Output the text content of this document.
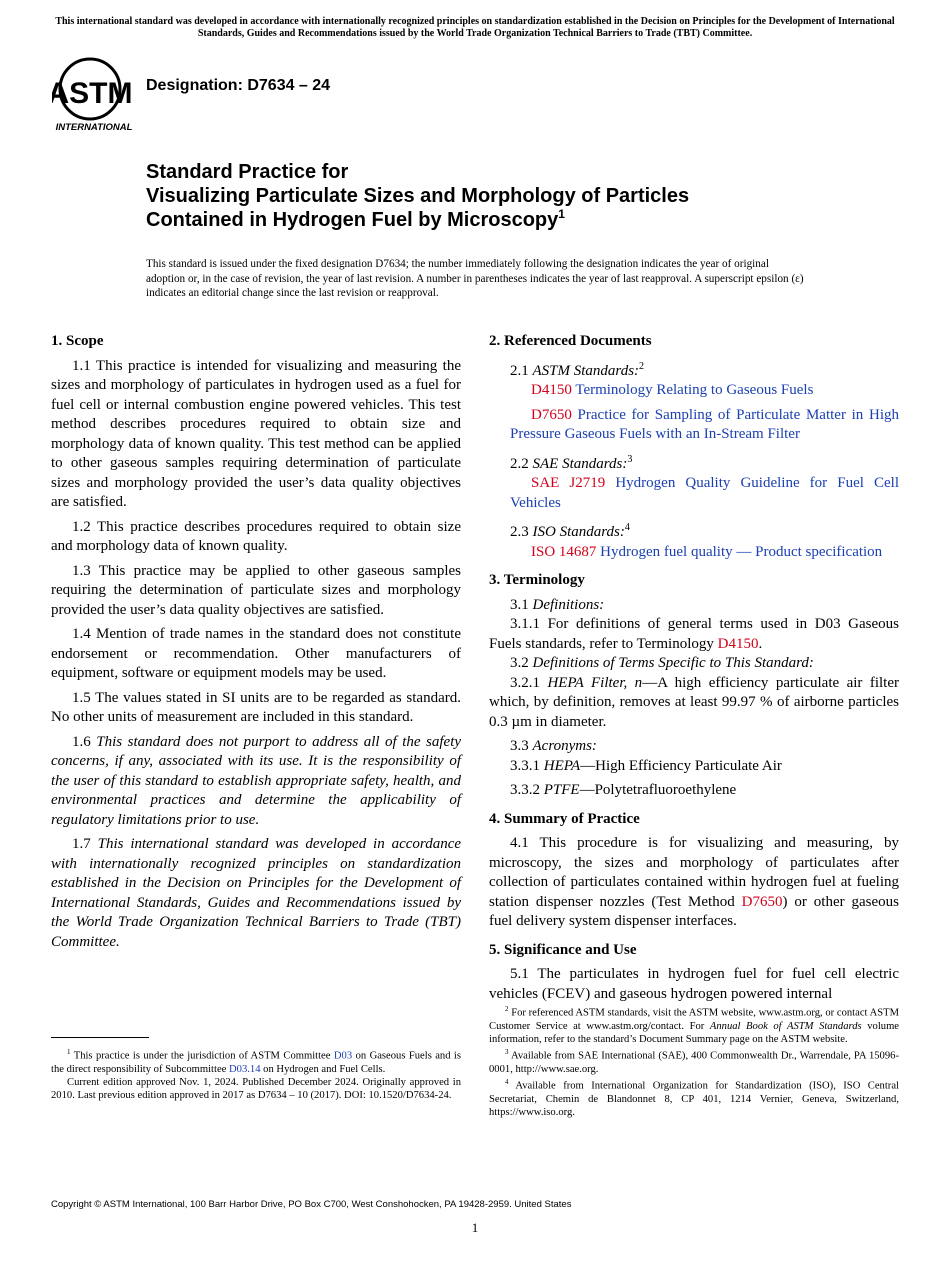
This international standard was developed in accordance with internationally recognized principles on standardization established in the Decision on Principles for the Development of International Standards, Guides and Recommendations issued by the World Trade Organization Technical Barriers to Trade (TBT) Committee.
ASTM
INTERNATIONAL
Designation: D7634 – 24
Standard Practice for
Visualizing Particulate Sizes and Morphology of Particles
Contained in Hydrogen Fuel by Microscopy$^1$
This standard is issued under the fixed designation D7634; the number immediately following the designation indicates the year of original adoption or, in the case of revision, the year of last revision. A number in parentheses indicates the year of last reapproval. A superscript epsilon (ε) indicates an editorial change since the last revision or reapproval.
1. Scope

1.1 This practice is intended for visualizing and measuring the sizes and morphology of particulates in hydrogen used as a fuel for fuel cell or internal combustion engine powered vehicles. This test method describes procedures required to obtain size and morphology data of known quality. This test method can be applied to other gaseous samples requiring determination of particulate sizes and morphology provided the user’s data quality objectives are satisfied.

1.2 This practice describes procedures required to obtain size and morphology data of known quality.

1.3 This practice may be applied to other gaseous samples requiring the determination of particulate sizes and morphology provided the user’s data quality objectives are satisfied.

1.4 Mention of trade names in the standard does not constitute endorsement or recommendation. Other manufacturers of equipment, software or equipment models may be used.

1.5 The values stated in SI units are to be regarded as standard. No other units of measurement are included in this standard.

1.6 This standard does not purport to address all of the safety concerns, if any, associated with its use. It is the responsibility of the user of this standard to establish appropriate safety, health, and environmental practices and determine the applicability of regulatory limitations prior to use.

1.7 This international standard was developed in accordance with internationally recognized principles on standardization established in the Decision on Principles for the Development of International Standards, Guides and Recommendations issued by the World Trade Organization Technical Barriers to Trade (TBT) Committee.

$^1$ This practice is under the jurisdiction of ASTM Committee D03 on Gaseous Fuels and is the direct responsibility of Subcommittee D03.14 on Hydrogen and Fuel Cells.

Current edition approved Nov. 1, 2024. Published December 2024. Originally approved in 2010. Last previous edition approved in 2017 as D7634 – 10 (2017). DOI: 10.1520/D7634-24.

2. Referenced Documents

2.1 ASTM Standards:$^2$

D4150 Terminology Relating to Gaseous Fuels

D7650 Practice for Sampling of Particulate Matter in High Pressure Gaseous Fuels with an In-Stream Filter

2.2 SAE Standards:$^3$

SAE J2719 Hydrogen Quality Guideline for Fuel Cell Vehicles

2.3 ISO Standards:$^4$

ISO 14687 Hydrogen fuel quality — Product specification

3. Terminology

3.1 Definitions:

3.1.1 For definitions of general terms used in D03 Gaseous Fuels standards, refer to Terminology D4150.

3.2 Definitions of Terms Specific to This Standard:

3.2.1 HEPA Filter, n—A high efficiency particulate air filter which, by definition, removes at least 99.97 % of airborne particles 0.3 µm in diameter.

3.3 Acronyms:

3.3.1 HEPA—High Efficiency Particulate Air

3.3.2 PTFE—Polytetrafluoroethylene

4. Summary of Practice

4.1 This procedure is for visualizing and measuring, by microscopy, the sizes and morphology of particulates after collection of particulates contained within hydrogen fuel at fueling station dispenser nozzles (Test Method D7650) or other gaseous fuel delivery system dispenser interfaces.

5. Significance and Use

5.1 The particulates in hydrogen fuel for fuel cell electric vehicles (FCEV) and gaseous hydrogen powered internal

$^2$ For referenced ASTM standards, visit the ASTM website, www.astm.org, or contact ASTM Customer Service at www.astm.org/contact. For Annual Book of ASTM Standards volume information, refer to the standard’s Document Summary page on the ASTM website.

$^3$ Available from SAE International (SAE), 400 Commonwealth Dr., Warrendale, PA 15096-0001, http://www.sae.org.

$^4$ Available from International Organization for Standardization (ISO), ISO Central Secretariat, Chemin de Blandonnet 8, CP 401, 1214 Vernier, Geneva, Switzerland, https://www.iso.org.

Copyright © ASTM International, 100 Barr Harbor Drive, PO Box C700, West Conshohocken, PA 19428-2959. United States
1
